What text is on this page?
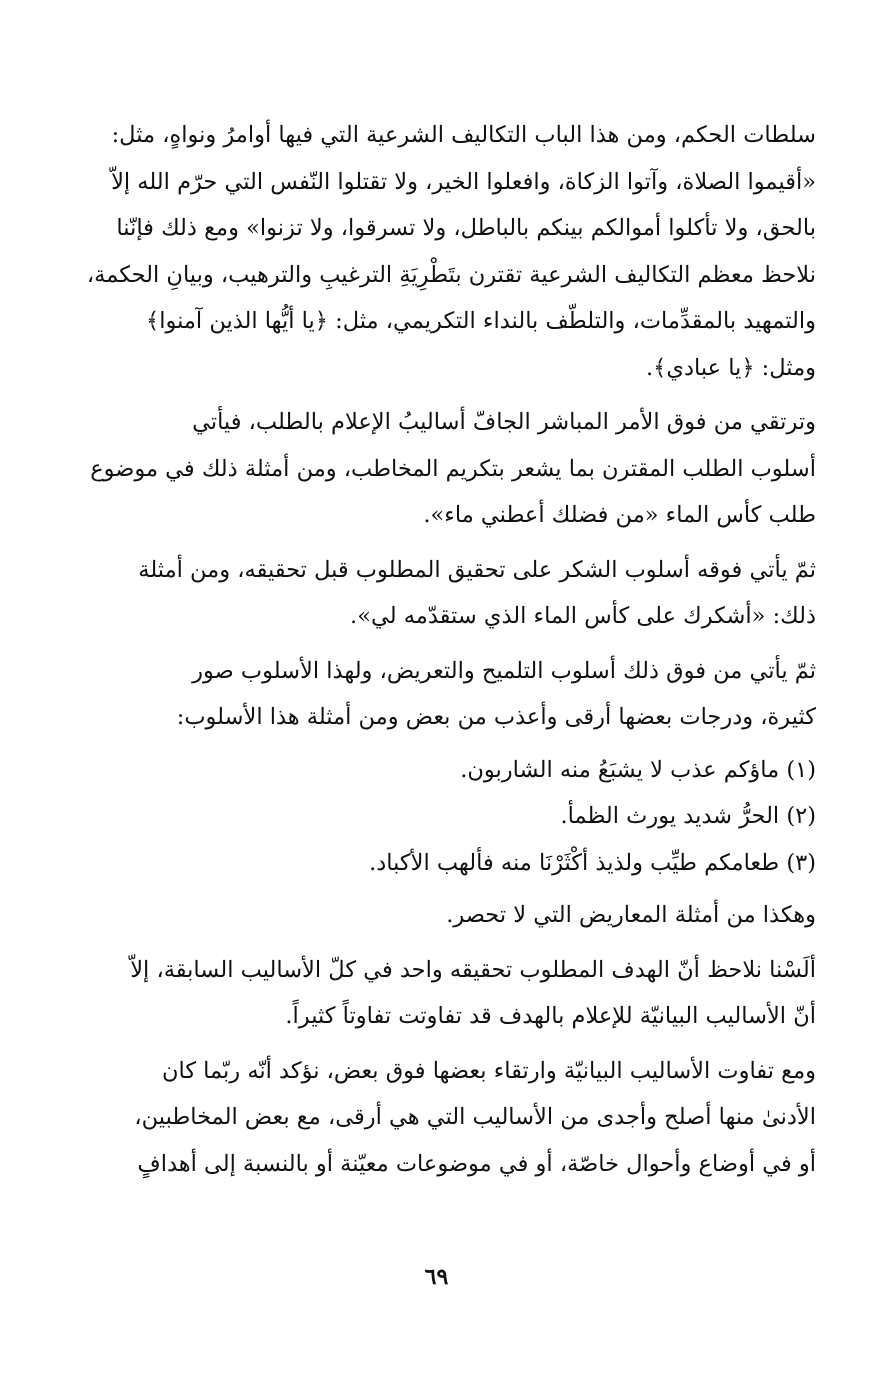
سلطات الحكم، ومن هذا الباب التكاليف الشرعية التي فيها أوامرُ ونواهٍ، مثل:
«أقيموا الصلاة، وآتوا الزكاة، وافعلوا الخير، ولا تقتلوا النّفس التي حرّم الله إلاّ
بالحق، ولا تأكلوا أموالكم بينكم بالباطل، ولا تسرقوا، ولا تزنوا» ومع ذلك فإنّنا
نلاحظ معظم التكاليف الشرعية تقترن بتَطْرِيَةِ الترغيبِ والترهيب، وبيانِ الحكمة،
والتمهيد بالمقدِّمات، والتلطّف بالنداء التكريمي، مثل: ﴿يا أيُّها الذين آمنوا﴾
ومثل: ﴿يا عبادي﴾.

وترتقي من فوق الأمر المباشر الجافّ أساليبُ الإعلام بالطلب، فيأتي
أسلوب الطلب المقترن بما يشعر بتكريم المخاطب، ومن أمثلة ذلك في موضوع
طلب كأس الماء «من فضلك أعطني ماء».

ثمّ يأتي فوقه أسلوب الشكر على تحقيق المطلوب قبل تحقيقه، ومن أمثلة
ذلك: «أشكرك على كأس الماء الذي ستقدّمه لي».

ثمّ يأتي من فوق ذلك أسلوب التلميح والتعريض، ولهذا الأسلوب صور
كثيرة، ودرجات بعضها أرقى وأعذب من بعض ومن أمثلة هذا الأسلوب:

(١) ماؤكم عذب لا يشبَعُ منه الشاربون.
(٢) الحرُّ شديد يورث الظمأ.
(٣) طعامكم طيِّب ولذيذ أكْثَرْنَا منه فألهب الأكباد.

وهكذا من أمثلة المعاريض التي لا تحصر.

ألَسْنا نلاحظ أنّ الهدف المطلوب تحقيقه واحد في كلّ الأساليب السابقة، إلاّ
أنّ الأساليب البيانيّة للإعلام بالهدف قد تفاوتت تفاوتاً كثيراً.

ومع تفاوت الأساليب البيانيّة وارتقاء بعضها فوق بعض، نؤكد أنّه ربّما كان
الأدنىٰ منها أصلح وأجدى من الأساليب التي هي أرقى، مع بعض المخاطبين،
أو في أوضاع وأحوال خاصّة، أو في موضوعات معيّنة أو بالنسبة إلى أهدافٍ

٦٩
